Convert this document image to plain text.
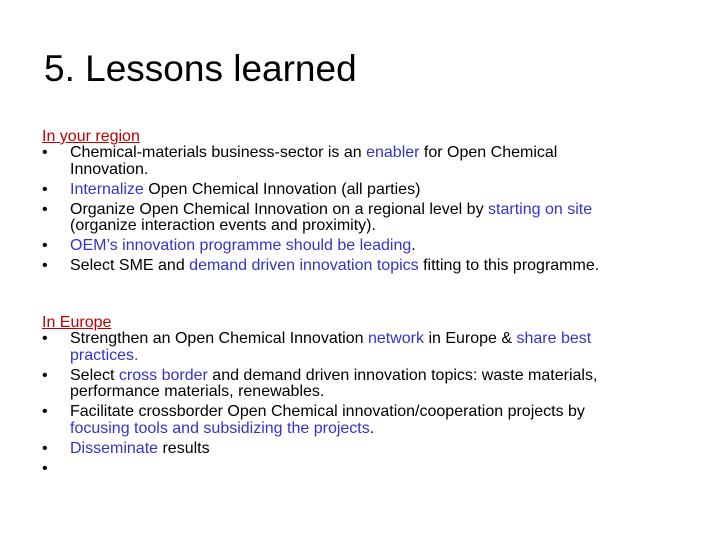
5. Lessons learned
In your region
• Chemical-materials business-sector is an enabler for Open Chemical
Innovation.
• Internalize Open Chemical Innovation (all parties)
• Organize Open Chemical Innovation on a regional level by starting on site
(organize interaction events and proximity).
• OEM’s innovation programme should be leading.
• Select SME and demand driven innovation topics fitting to this programme.
In Europe
• Strengthen an Open Chemical Innovation network in Europe & share best
practices.
• Select cross border and demand driven innovation topics: waste materials,
performance materials, renewables.
• Facilitate crossborder Open Chemical innovation/cooperation projects by
focusing tools and subsidizing the projects.
• Disseminate results
•
